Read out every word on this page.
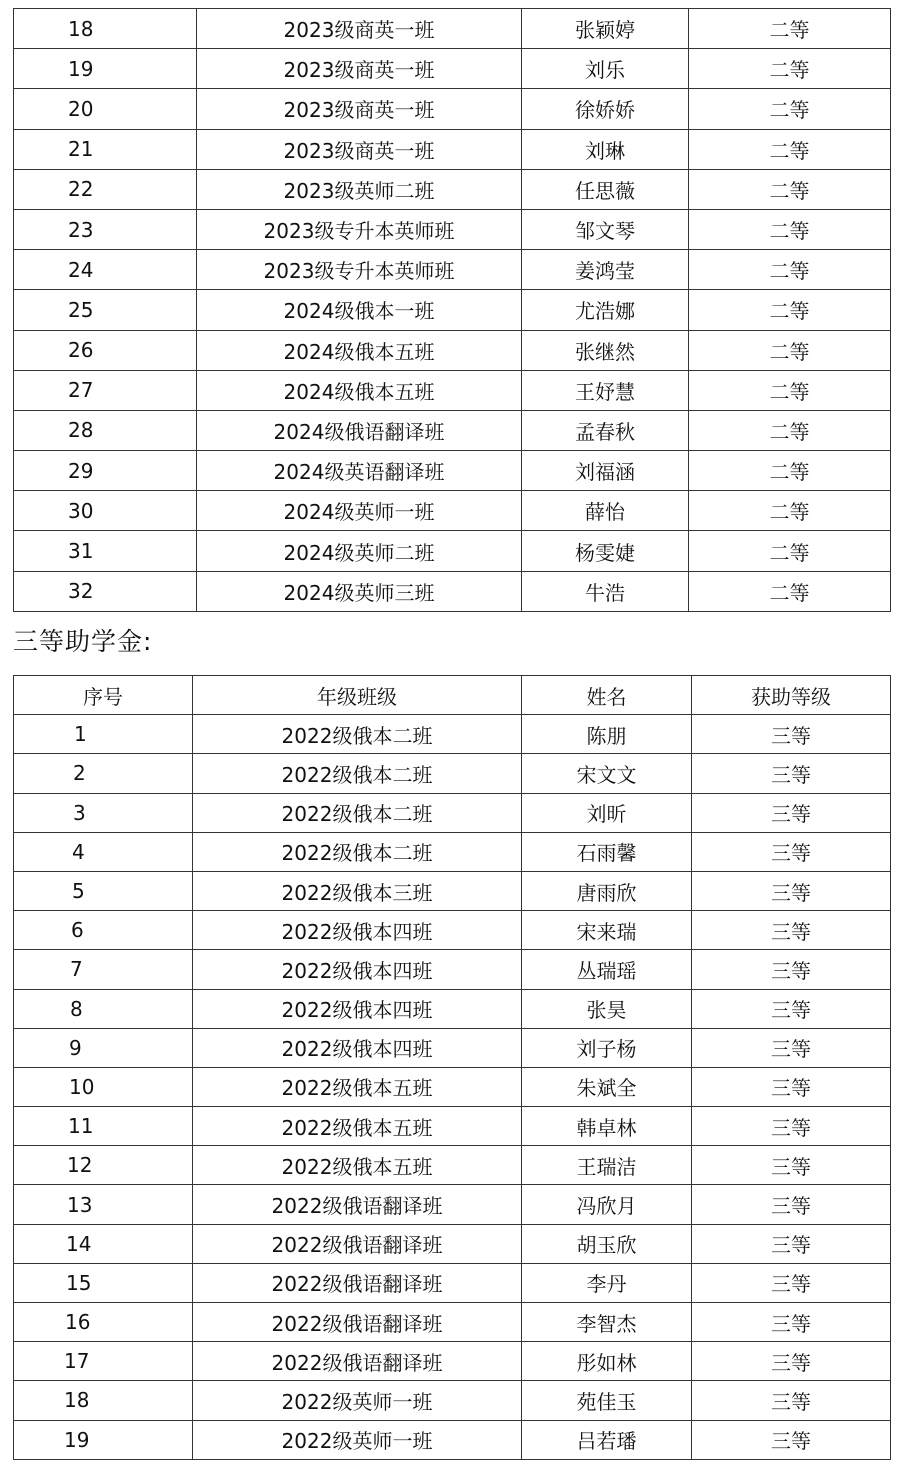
18	2023级商英一班	张颖婷	二等
19	2023级商英一班	刘乐	二等
20	2023级商英一班	徐娇娇	二等
21	2023级商英一班	刘琳	二等
22	2023级英师二班	任思薇	二等
23	2023级专升本英师班	邹文琴	二等
24	2023级专升本英师班	姜鸿莹	二等
25	2024级俄本一班	尤浩娜	二等
26	2024级俄本五班	张继然	二等
27	2024级俄本五班	王妤慧	二等
28	2024级俄语翻译班	孟春秋	二等
29	2024级英语翻译班	刘福涵	二等
30	2024级英师一班	薛怡	二等
31	2024级英师二班	杨雯婕	二等
32	2024级英师三班	牛浩	二等
三等助学金:
序号	年级班级	姓名	获助等级
1	2022级俄本二班	陈朋	三等
2	2022级俄本二班	宋文文	三等
3	2022级俄本二班	刘昕	三等
4	2022级俄本二班	石雨馨	三等
5	2022级俄本三班	唐雨欣	三等
6	2022级俄本四班	宋来瑞	三等
7	2022级俄本四班	丛瑞瑶	三等
8	2022级俄本四班	张昊	三等
9	2022级俄本四班	刘子杨	三等
10	2022级俄本五班	朱斌全	三等
11	2022级俄本五班	韩卓林	三等
12	2022级俄本五班	王瑞洁	三等
13	2022级俄语翻译班	冯欣月	三等
14	2022级俄语翻译班	胡玉欣	三等
15	2022级俄语翻译班	李丹	三等
16	2022级俄语翻译班	李智杰	三等
17	2022级俄语翻译班	彤如林	三等
18	2022级英师一班	苑佳玉	三等
19	2022级英师一班	吕若璠	三等
